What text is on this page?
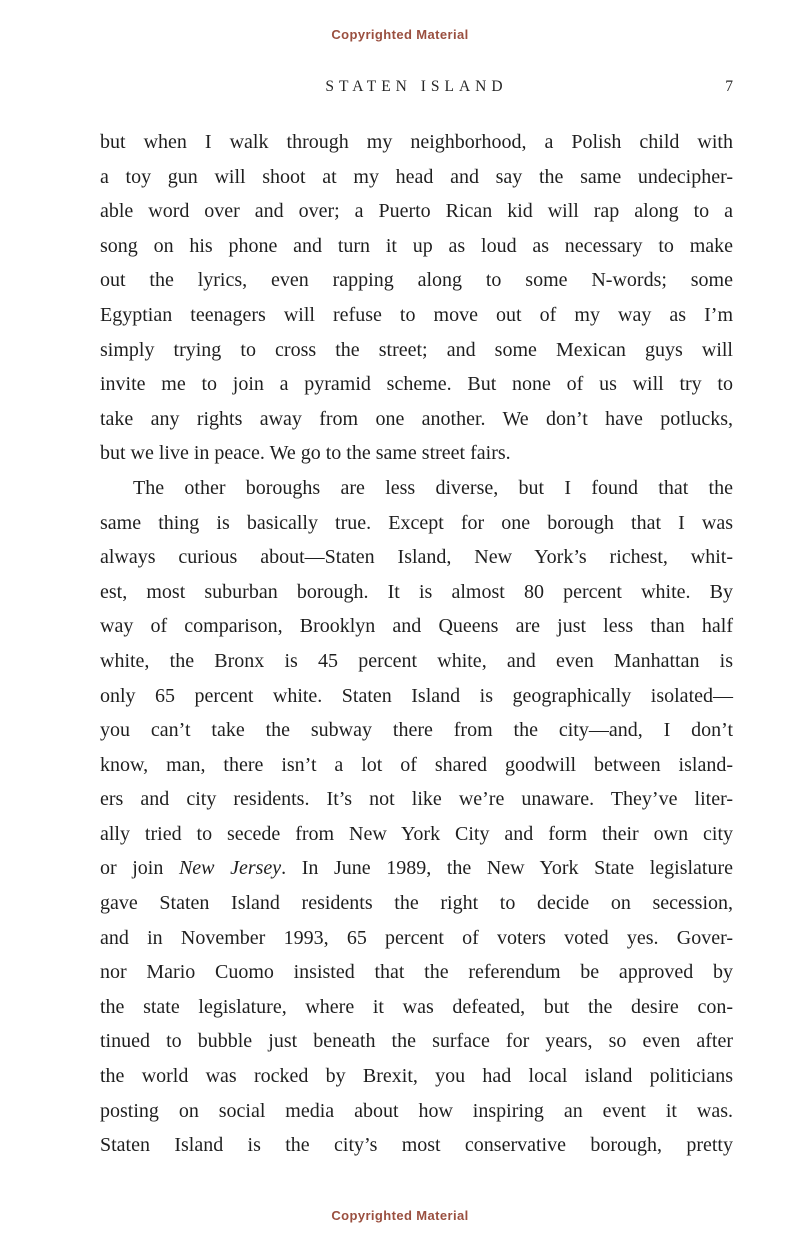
Copyrighted Material
STATEN ISLAND	7
but when I walk through my neighborhood, a Polish child with
a toy gun will shoot at my head and say the same undecipher-
able word over and over; a Puerto Rican kid will rap along to a
song on his phone and turn it up as loud as necessary to make
out the lyrics, even rapping along to some N-words; some
Egyptian teenagers will refuse to move out of my way as I’m
simply trying to cross the street; and some Mexican guys will
invite me to join a pyramid scheme. But none of us will try to
take any rights away from one another. We don’t have potlucks,
but we live in peace. We go to the same street fairs.
The other boroughs are less diverse, but I found that the
same thing is basically true. Except for one borough that I was
always curious about—Staten Island, New York’s richest, whit-
est, most suburban borough. It is almost 80 percent white. By
way of comparison, Brooklyn and Queens are just less than half
white, the Bronx is 45 percent white, and even Manhattan is
only 65 percent white. Staten Island is geographically isolated—
you can’t take the subway there from the city—and, I don’t
know, man, there isn’t a lot of shared goodwill between island-
ers and city residents. It’s not like we’re unaware. They’ve liter-
ally tried to secede from New York City and form their own city
or join New Jersey. In June 1989, the New York State legislature
gave Staten Island residents the right to decide on secession,
and in November 1993, 65 percent of voters voted yes. Gover-
nor Mario Cuomo insisted that the referendum be approved by
the state legislature, where it was defeated, but the desire con-
tinued to bubble just beneath the surface for years, so even after
the world was rocked by Brexit, you had local island politicians
posting on social media about how inspiring an event it was.
Staten Island is the city’s most conservative borough, pretty
Copyrighted Material
